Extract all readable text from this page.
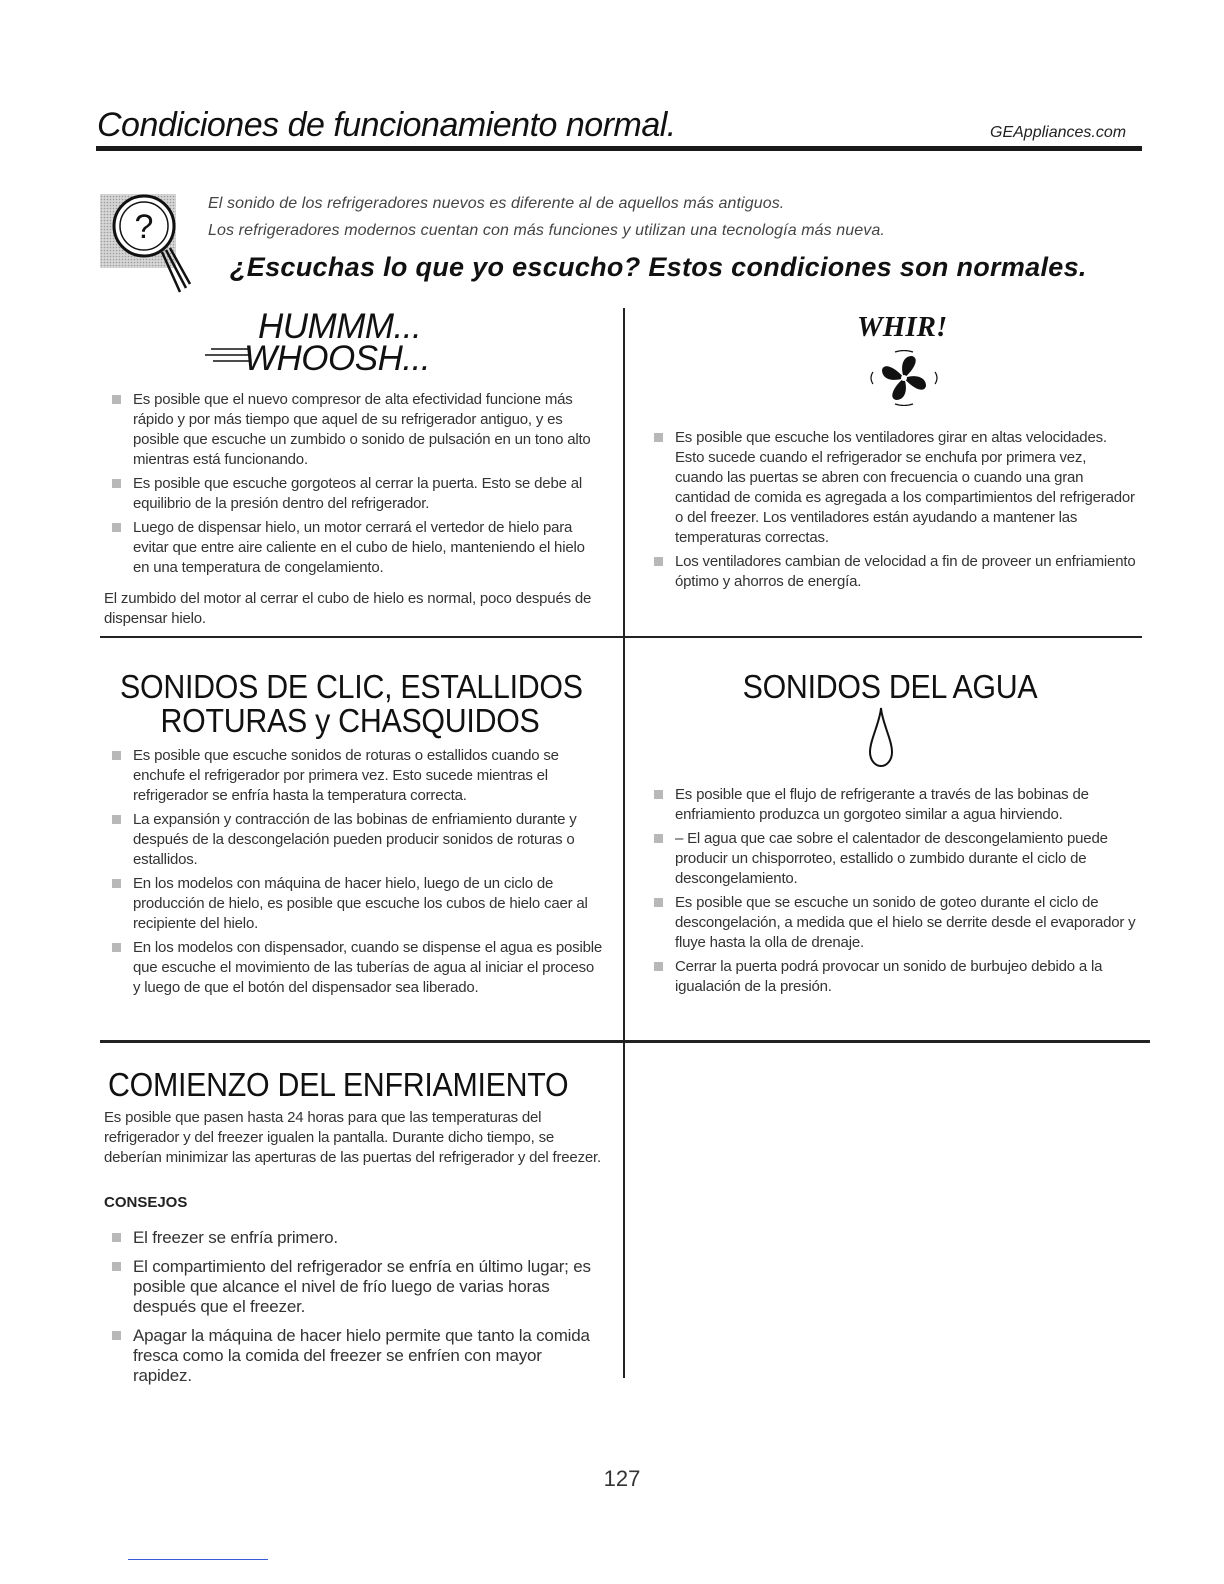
Condiciones de funcionamiento normal.	GEAppliances.com
?
El sonido de los refrigeradores nuevos es diferente al de aquellos más antiguos.
Los refrigeradores modernos cuentan con más funciones y utilizan una tecnología más nueva.
¿Escuchas lo que yo escucho? Estos condiciones son normales.
HUMMM...
WHOOSH...
Es posible que el nuevo compresor de alta efectividad funcione más rápido y por más tiempo que aquel de su refrigerador antiguo, y es posible que escuche un zumbido o sonido de pulsación en un tono alto mientras está funcionando.
Es posible que escuche gorgoteos al cerrar la puerta. Esto se debe al equilibrio de la presión dentro del refrigerador.
Luego de dispensar hielo, un motor cerrará el vertedor de hielo para evitar que entre aire caliente en el cubo de hielo, manteniendo el hielo en una temperatura de congelamiento.

El zumbido del motor al cerrar el cubo de hielo es normal, poco después de dispensar hielo.

WHIR!
Es posible que escuche los ventiladores girar en altas velocidades. Esto sucede cuando el refrigerador se enchufa por primera vez, cuando las puertas se abren con frecuencia o cuando una gran cantidad de comida es agregada a los compartimientos del refrigerador o del freezer. Los ventiladores están ayudando a mantener las temperaturas correctas.
Los ventiladores cambian de velocidad a fin de proveer un enfriamiento óptimo y ahorros de energía.
SONIDOS DE CLIC, ESTALLIDOS
ROTURAS y CHASQUIDOS
Es posible que escuche sonidos de roturas o estallidos cuando se enchufe el refrigerador por primera vez. Esto sucede mientras el refrigerador se enfría hasta la temperatura correcta.
La expansión y contracción de las bobinas de enfriamiento durante y después de la descongelación pueden producir sonidos de roturas o estallidos.
En los modelos con máquina de hacer hielo, luego de un ciclo de producción de hielo, es posible que escuche los cubos de hielo caer al recipiente del hielo.
En los modelos con dispensador, cuando se dispense el agua es posible que escuche el movimiento de las tuberías de agua al iniciar el proceso y luego de que el botón del dispensador sea liberado.
SONIDOS DEL AGUA
Es posible que el flujo de refrigerante a través de las bobinas de enfriamiento produzca un gorgoteo similar a agua hirviendo.
– El agua que cae sobre el calentador de descongelamiento puede producir un chisporroteo, estallido o zumbido durante el ciclo de descongelamiento.
Es posible que se escuche un sonido de goteo durante el ciclo de descongelación, a medida que el hielo se derrite desde el evaporador y fluye hasta la olla de drenaje.
Cerrar la puerta podrá provocar un sonido de burbujeo debido a la igualación de la presión.
COMIENZO DEL ENFRIAMIENTO

Es posible que pasen hasta 24 horas para que las temperaturas del refrigerador y del freezer igualen la pantalla. Durante dicho tiempo, se deberían minimizar las aperturas de las puertas del refrigerador y del freezer.

CONSEJOS
El freezer se enfría primero.
El compartimiento del refrigerador se enfría en último lugar; es posible que alcance el nivel de frío luego de varias horas después que el freezer.
Apagar la máquina de hacer hielo permite que tanto la comida fresca como la comida del freezer se enfríen con mayor rapidez.
127
